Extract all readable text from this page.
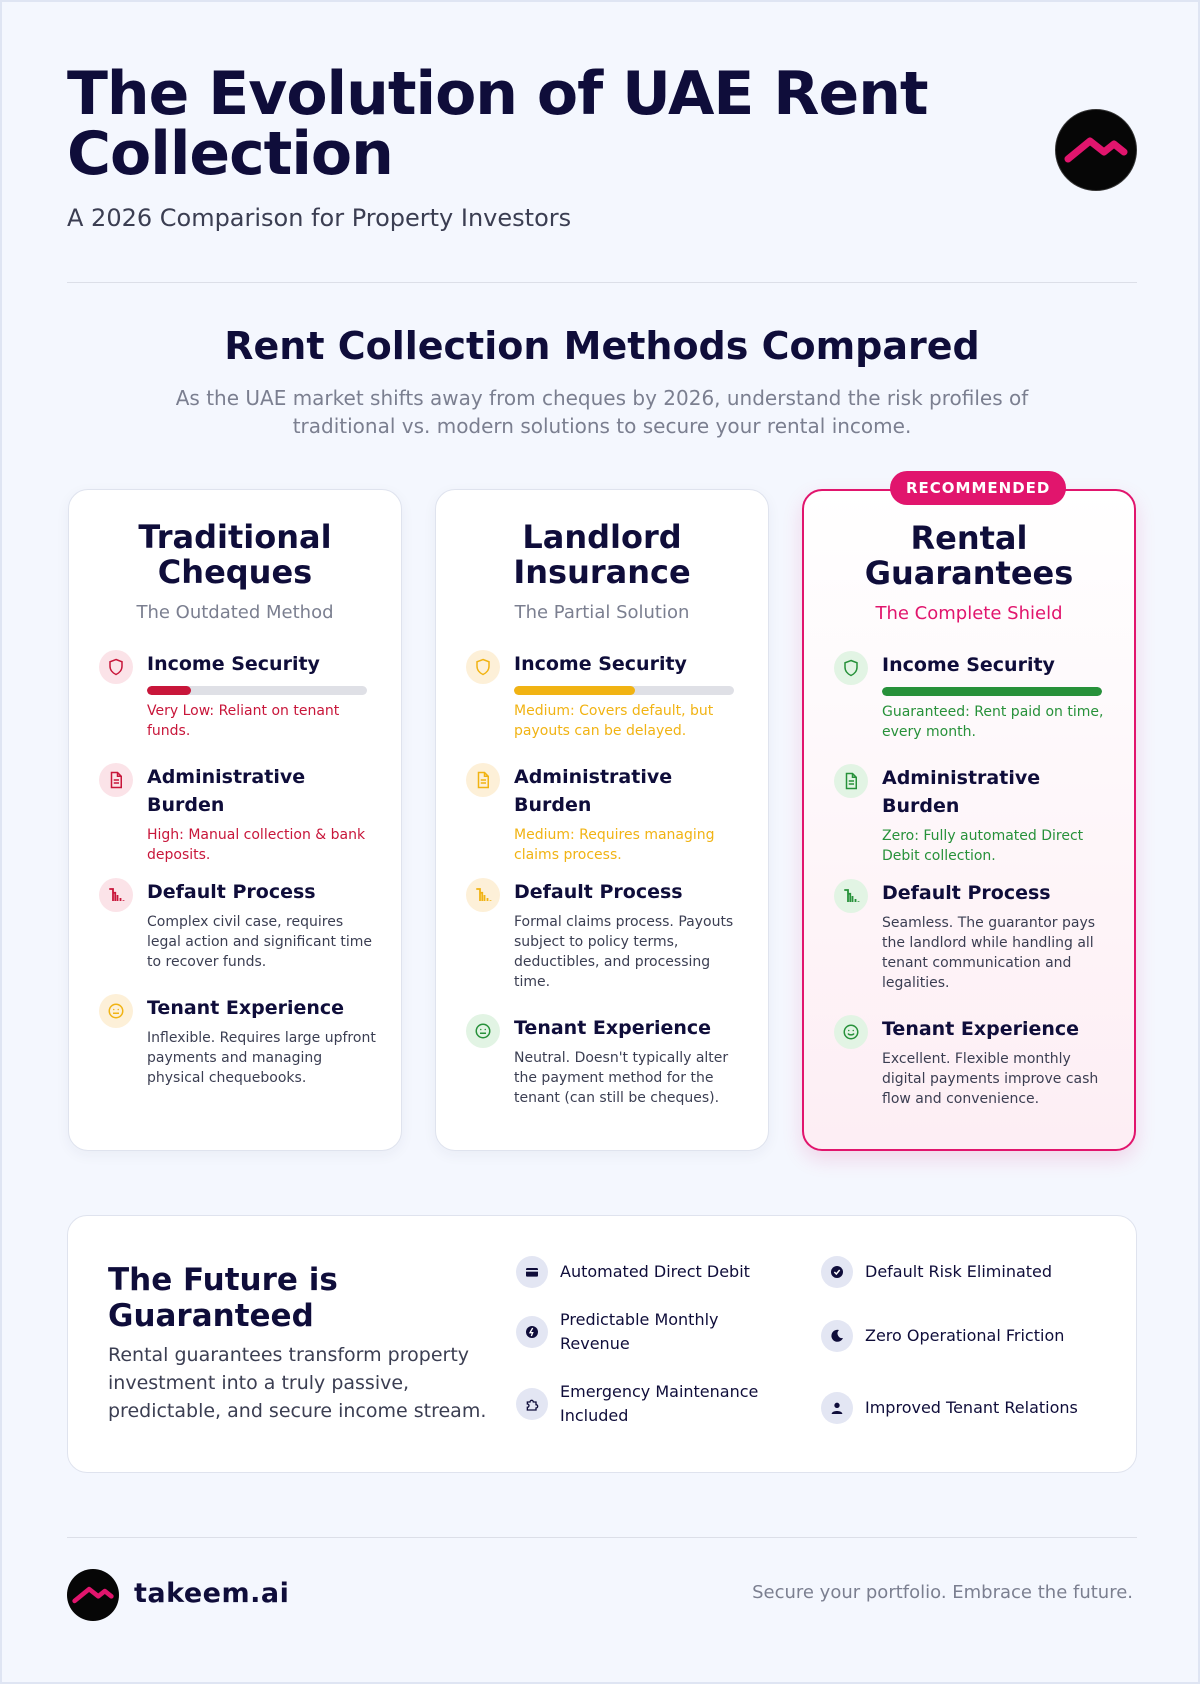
The Evolution of UAE Rent Collection
A 2026 Comparison for Property Investors
Rent Collection Methods Compared

As the UAE market shifts away from cheques by 2026, understand the risk profiles of traditional vs. modern solutions to secure your rental income.

Traditional Cheques
The Outdated Method
Income Security
Very Low: Reliant on tenant funds.
Administrative Burden
High: Manual collection & bank deposits.
Default Process
Complex civil case, requires legal action and significant time to recover funds.
Tenant Experience
Inflexible. Requires large upfront payments and managing physical chequebooks.
Landlord Insurance
The Partial Solution
Income Security
Medium: Covers default, but payouts can be delayed.
Administrative Burden
Medium: Requires managing claims process.
Default Process
Formal claims process. Payouts subject to policy terms, deductibles, and processing time.
Tenant Experience
Neutral. Doesn't typically alter the payment method for the tenant (can still be cheques).
RECOMMENDED
Rental Guarantees
The Complete Shield
Income Security
Guaranteed: Rent paid on time, every month.
Administrative Burden
Zero: Fully automated Direct Debit collection.
Default Process
Seamless. The guarantor pays the landlord while handling all tenant communication and legalities.
Tenant Experience
Excellent. Flexible monthly digital payments improve cash flow and convenience.
The Future is Guaranteed
Rental guarantees transform property investment into a truly passive, predictable, and secure income stream.
Automated Direct Debit	Default Risk Eliminated
Predictable Monthly Revenue	Zero Operational Friction
Emergency Maintenance Included	Improved Tenant Relations
takeem.ai	Secure your portfolio. Embrace the future.
